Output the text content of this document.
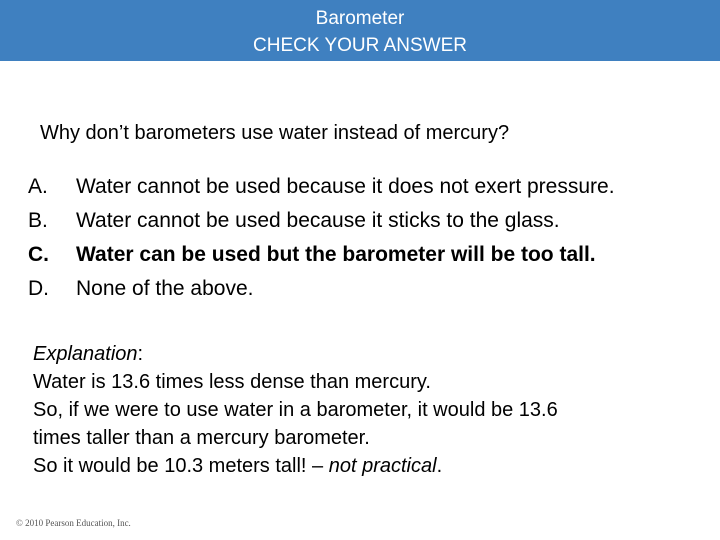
Barometer
CHECK YOUR ANSWER
Why don’t barometers use water instead of mercury?
A. Water cannot be used because it does not exert pressure.
B. Water cannot be used because it sticks to the glass.
C. Water can be used but the barometer will be too tall.
D. None of the above.
Explanation:
Water is 13.6 times less dense than mercury.
So, if we were to use water in a barometer, it would be 13.6
times taller than a mercury barometer.
So it would be 10.3 meters tall! – not practical.
© 2010 Pearson Education, Inc.
